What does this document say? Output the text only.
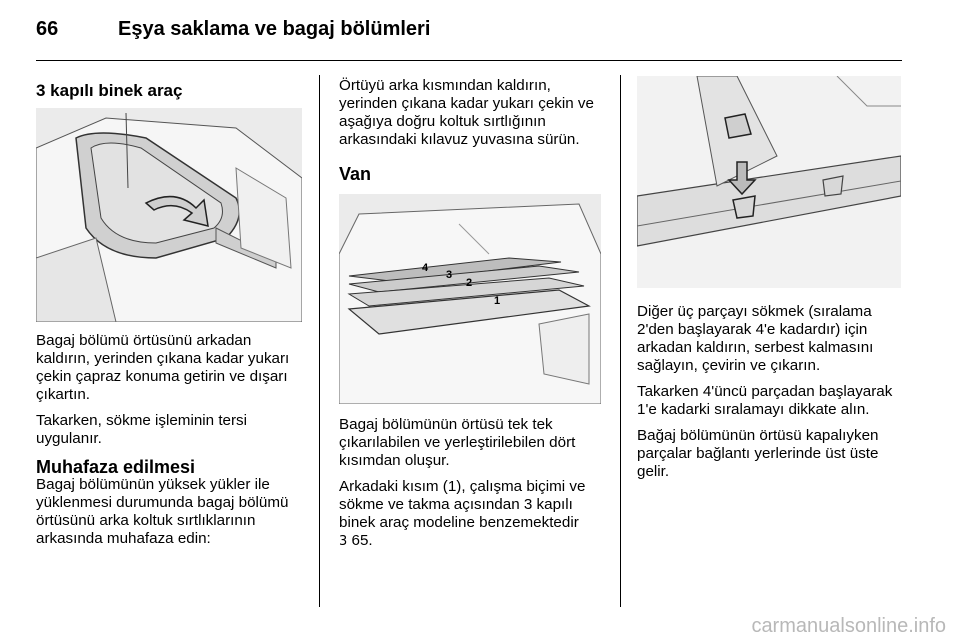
66	Eşya saklama ve bagaj bölümleri
3 kapılı binek araç

Bagaj bölümü örtüsünü arkadan kaldırın, yerinden çıkana kadar yukarı çekin çapraz konuma getirin ve dışarı çıkartın.

Takarken, sökme işleminin tersi uygulanır.

Muhafaza edilmesi

Bagaj bölümünün yüksek yükler ile yüklenmesi durumunda bagaj bölümü örtüsünü arka koltuk sırtlıklarının arkasında muhafaza edin:

Örtüyü arka kısmından kaldırın, yerinden çıkana kadar yukarı çekin ve aşağıya doğru koltuk sırtlığının arkasındaki kılavuz yuvasına sürün.

Van
4
3
2
1

Bagaj bölümünün örtüsü tek tek çıkarılabilen ve yerleştirilebilen dört kısımdan oluşur.

Arkadaki kısım (1), çalışma biçimi ve sökme ve takma açısından 3 kapılı binek araç modeline benzemektedir
3 65.

Diğer üç parçayı sökmek (sıralama 2'den başlayarak 4'e kadardır) için arkadan kaldırın, serbest kalmasını sağlayın, çevirin ve çıkarın.

Takarken 4'üncü parçadan başlayarak 1'e kadarki sıralamayı dikkate alın.

Bağaj bölümünün örtüsü kapalıyken parçalar bağlantı yerlerinde üst üste gelir.

carmanualsonline.info
